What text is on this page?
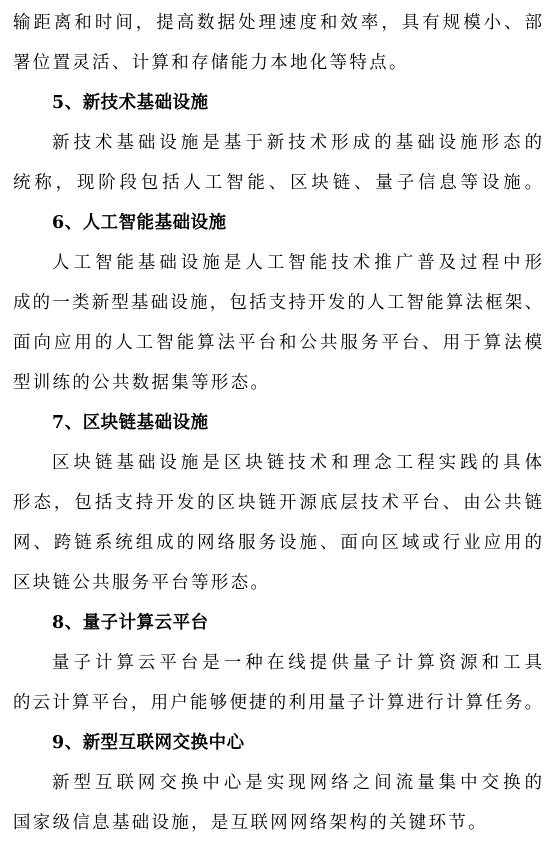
输距离和时间，提高数据处理速度和效率，具有规模小、部
署位置灵活、计算和存储能力本地化等特点。
5、新技术基础设施
新技术基础设施是基于新技术形成的基础设施形态的
统称，现阶段包括人工智能、区块链、量子信息等设施。
6、人工智能基础设施
人工智能基础设施是人工智能技术推广普及过程中形
成的一类新型基础设施，包括支持开发的人工智能算法框架、
面向应用的人工智能算法平台和公共服务平台、用于算法模
型训练的公共数据集等形态。
7、区块链基础设施
区块链基础设施是区块链技术和理念工程实践的具体
形态，包括支持开发的区块链开源底层技术平台、由公共链
网、跨链系统组成的网络服务设施、面向区域或行业应用的
区块链公共服务平台等形态。
8、量子计算云平台
量子计算云平台是一种在线提供量子计算资源和工具
的云计算平台，用户能够便捷的利用量子计算进行计算任务。
9、新型互联网交换中心
新型互联网交换中心是实现网络之间流量集中交换的
国家级信息基础设施，是互联网网络架构的关键环节。
